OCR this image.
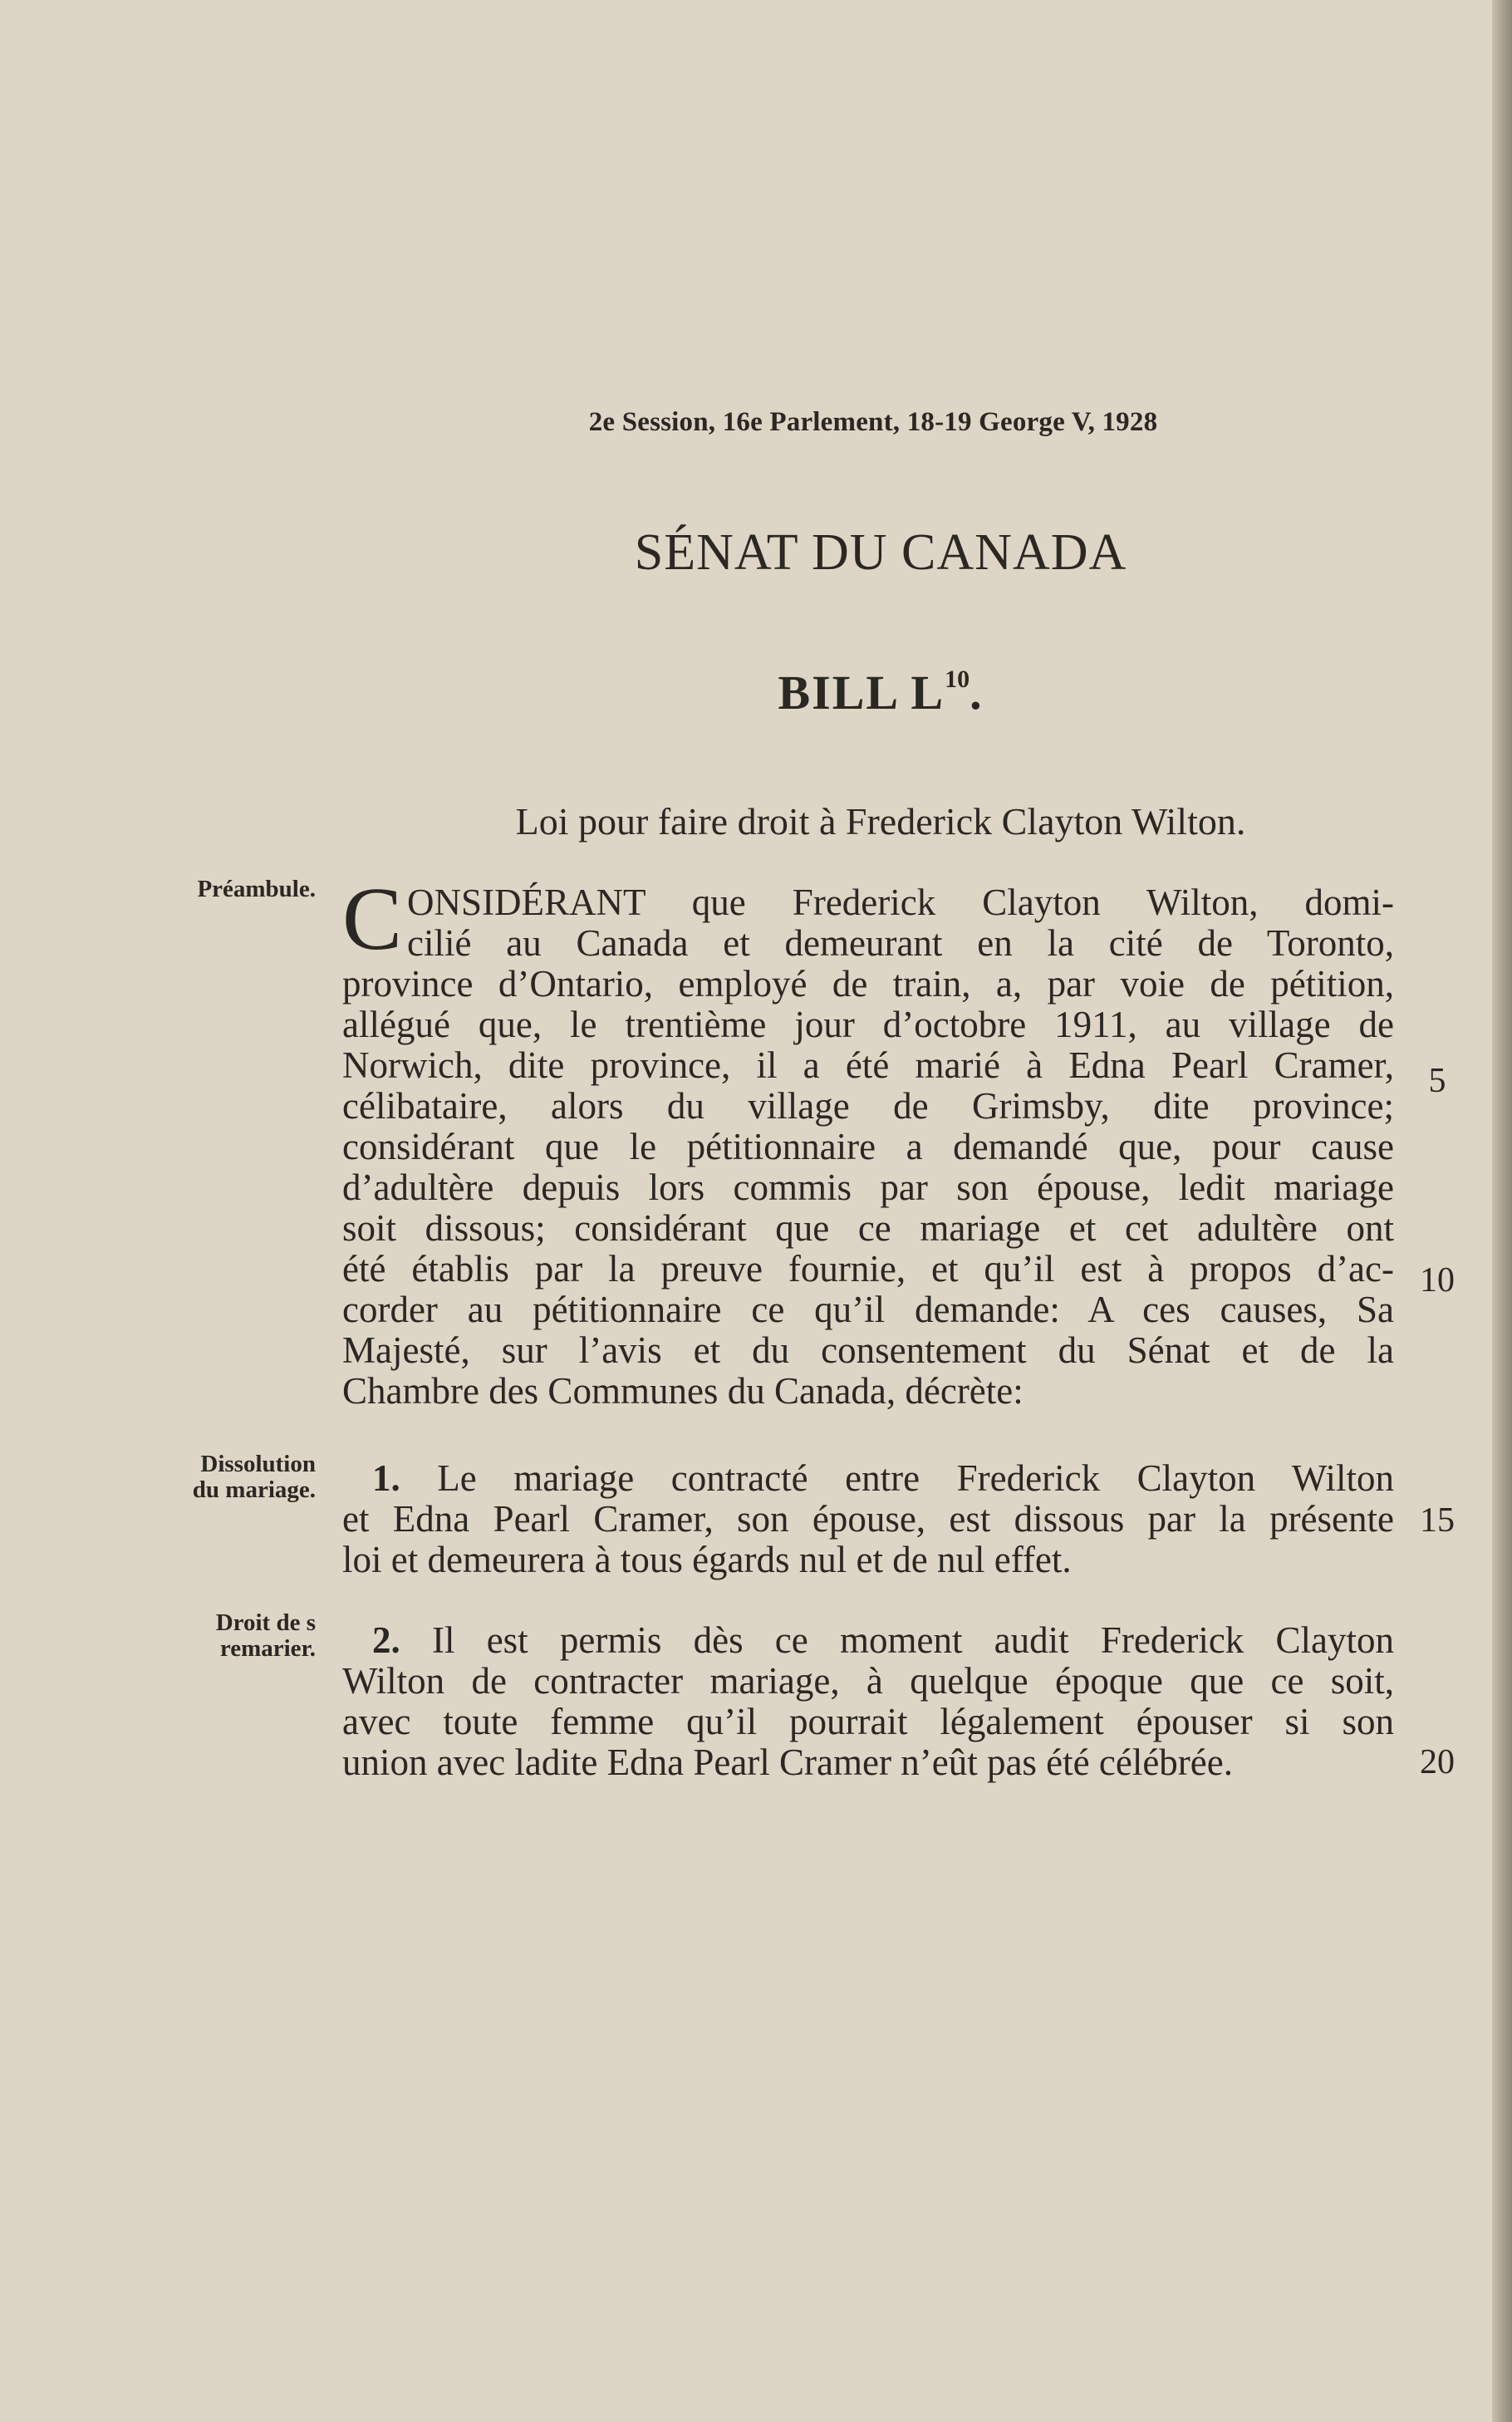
2e Session, 16e Parlement, 18-19 George V, 1928
SÉNAT DU CANADA
BILL $L^{10}$.
Loi pour faire droit à Frederick Clayton Wilton.
Préambule.
Dissolution
du mariage.
Droit de s
remarier.
C ONSIDÉRANT que Frederick Clayton Wilton, domi-
cilié au Canada et demeurant en la cité de Toronto,
province d’Ontario, employé de train, a, par voie de pétition,
allégué que, le trentième jour d’octobre 1911, au village de
Norwich, dite province, il a été marié à Edna Pearl Cramer,
célibataire, alors du village de Grimsby, dite province;
considérant que le pétitionnaire a demandé que, pour cause
d’adultère depuis lors commis par son épouse, ledit mariage
soit dissous; considérant que ce mariage et cet adultère ont
été établis par la preuve fournie, et qu’il est à propos d’ac-
corder au pétitionnaire ce qu’il demande: A ces causes, Sa
Majesté, sur l’avis et du consentement du Sénat et de la
Chambre des Communes du Canada, décrète:
1. Le mariage contracté entre Frederick Clayton Wilton
et Edna Pearl Cramer, son épouse, est dissous par la présente
loi et demeurera à tous égards nul et de nul effet.
2. Il est permis dès ce moment audit Frederick Clayton
Wilton de contracter mariage, à quelque époque que ce soit,
avec toute femme qu’il pourrait légalement épouser si son
union avec ladite Edna Pearl Cramer n’eût pas été célébrée.
5
10
15
20
